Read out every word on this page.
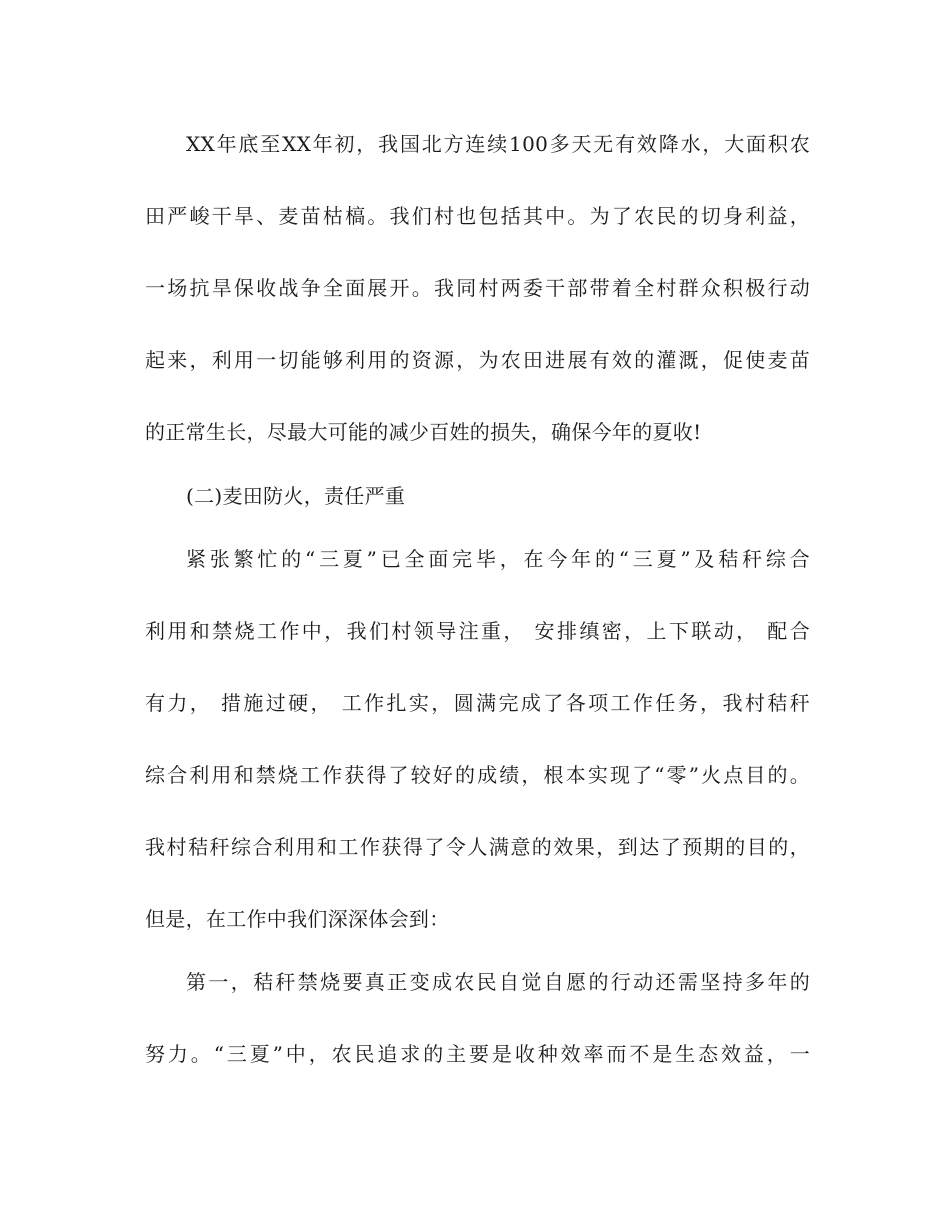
XX年底至XX年初，我国北方连续100多天无有效降水，大面积农
田严峻干旱、麦苗枯槁。我们村也包括其中。为了农民的切身利益，
一场抗旱保收战争全面展开。我同村两委干部带着全村群众积极行动
起来，利用一切能够利用的资源，为农田进展有效的灌溉，促使麦苗
的正常生长，尽最大可能的减少百姓的损失，确保今年的夏收!
(二)麦田防火，责任严重
紧张繁忙的“三夏”已全面完毕，在今年的“三夏”及秸秆综合
利用和禁烧工作中，我们村领导注重， 安排缜密，上下联动， 配合
有力， 措施过硬， 工作扎实，圆满完成了各项工作任务，我村秸秆
综合利用和禁烧工作获得了较好的成绩，根本实现了“零”火点目的。
我村秸秆综合利用和工作获得了令人满意的效果，到达了预期的目的，
但是，在工作中我们深深体会到：
第一，秸秆禁烧要真正变成农民自觉自愿的行动还需坚持多年的
努力。“三夏”中，农民追求的主要是收种效率而不是生态效益，一
